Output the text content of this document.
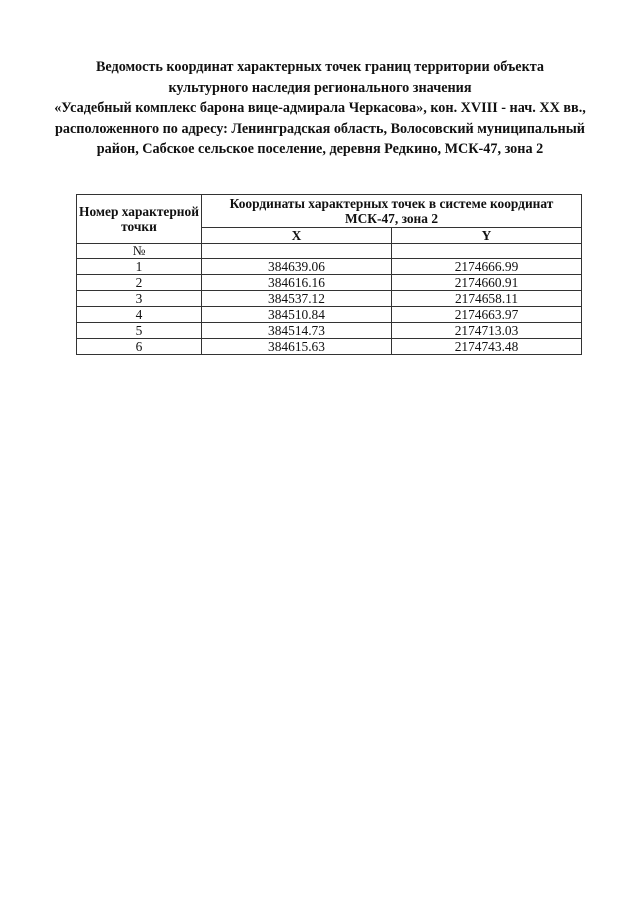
Ведомость координат характерных точек границ территории объекта
культурного наследия регионального значения
«Усадебный комплекс барона вице-адмирала Черкасова», кон. XVIII - нач. XX вв.,
расположенного по адресу: Ленинградская область, Волосовский муниципальный
район, Сабское сельское поселение, деревня Редкино, МСК-47, зона 2
Номер характерной точки	Координаты характерных точек в системе координат МСК-47, зона 2	
	X	Y
№		
1	384639.06	2174666.99
2	384616.16	2174660.91
3	384537.12	2174658.11
4	384510.84	2174663.97
5	384514.73	2174713.03
6	384615.63	2174743.48
